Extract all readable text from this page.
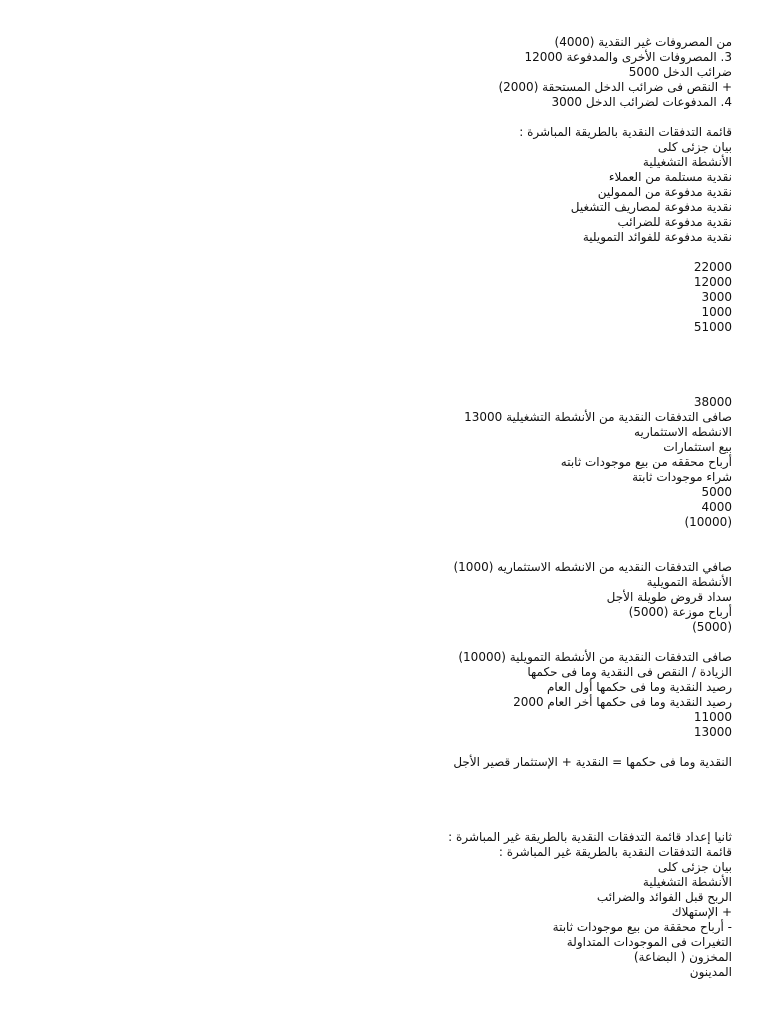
من المصروفات غير النقدية (4000)
3. المصروفات الأخرى والمدفوعة 12000
ضرائب الدخل 5000
+ النقص فى ضرائب الدخل المستحقة (2000)
4. المدفوعات لضرائب الدخل 3000
قائمة التدفقات النقدية بالطريقة المباشرة :
بيان جزئى كلى
الأنشطة التشغيلية
نقدية مستلمة من العملاء
نقدية مدفوعة من الممولين
نقدية مدفوعة لمصاريف التشغيل
نقدية مدفوعة للضرائب
نقدية مدفوعة للفوائد التمويلية
22000
12000
3000
1000
51000
38000
صافى التدفقات النقدية من الأنشطة التشغيلية 13000
الانشطه الاستثماريه
بيع استثمارات
أرباح محققه من بيع موجودات ثابته
شراء موجودات ثابتة
5000
4000
(10000)
صافي التدفقات النقديه من الانشطه الاستثماريه (1000)
الأنشطة التمويلية
سداد قروض طويلة الأجل
أرباح موزعة (5000)
(5000)
صافى التدفقات النقدية من الأنشطة التمويلية (10000)
الزيادة / النقص فى النقدية وما فى حكمها
رصيد النقدية وما فى حكمها أول العام
رصيد النقدية وما فى حكمها أخر العام 2000
11000
13000
النقدية وما فى حكمها = النقدية + الإستثمار قصير الأجل
ثانيا إعداد قائمة التدفقات النقدية بالطريقة غير المباشرة :
قائمة التدفقات النقدية بالطريقة غير المباشرة :
بيان جزئى كلى
الأنشطة التشغيلية
الربح قبل الفوائد والضرائب
+ الإستهلاك
- أرباح محققة من بيع موجودات ثابتة
التغيرات فى الموجودات المتداولة
المخزون ( البضاعة)
المدينون
